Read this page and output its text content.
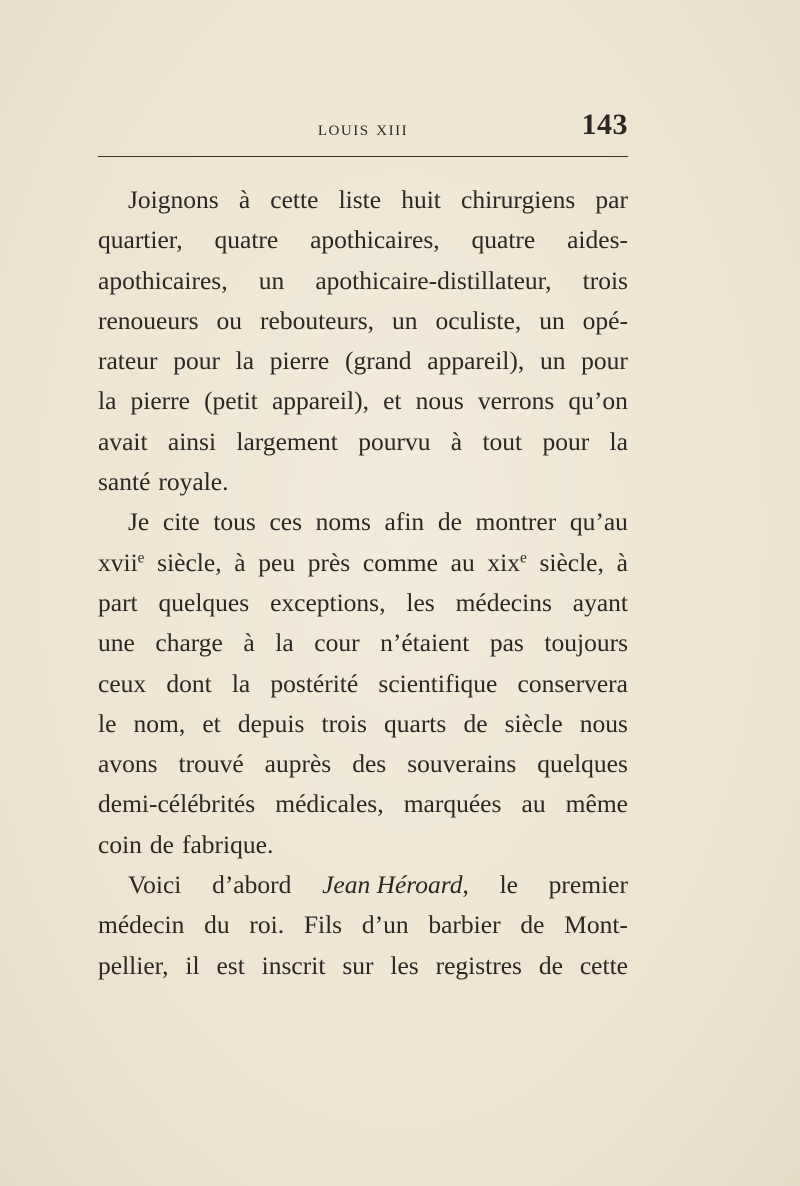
louis xiii	143
Joignons à cette liste huit chirurgiens par
quartier, quatre apothicaires, quatre aides-
apothicaires, un apothicaire-distillateur, trois
renoueurs ou rebouteurs, un oculiste, un opé-
rateur pour la pierre (grand appareil), un pour
la pierre (petit appareil), et nous verrons qu’on
avait ainsi largement pourvu à tout pour la
santé royale.
Je cite tous ces noms afin de montrer qu’au
xvii$^e$ siècle, à peu près comme au xix$^e$ siècle, à
part quelques exceptions, les médecins ayant
une charge à la cour n’étaient pas toujours
ceux dont la postérité scientifique conservera
le nom, et depuis trois quarts de siècle nous
avons trouvé auprès des souverains quelques
demi-célébrités médicales, marquées au même
coin de fabrique.
Voici d’abord Jean Héroard, le premier
médecin du roi. Fils d’un barbier de Mont-
pellier, il est inscrit sur les registres de cette
